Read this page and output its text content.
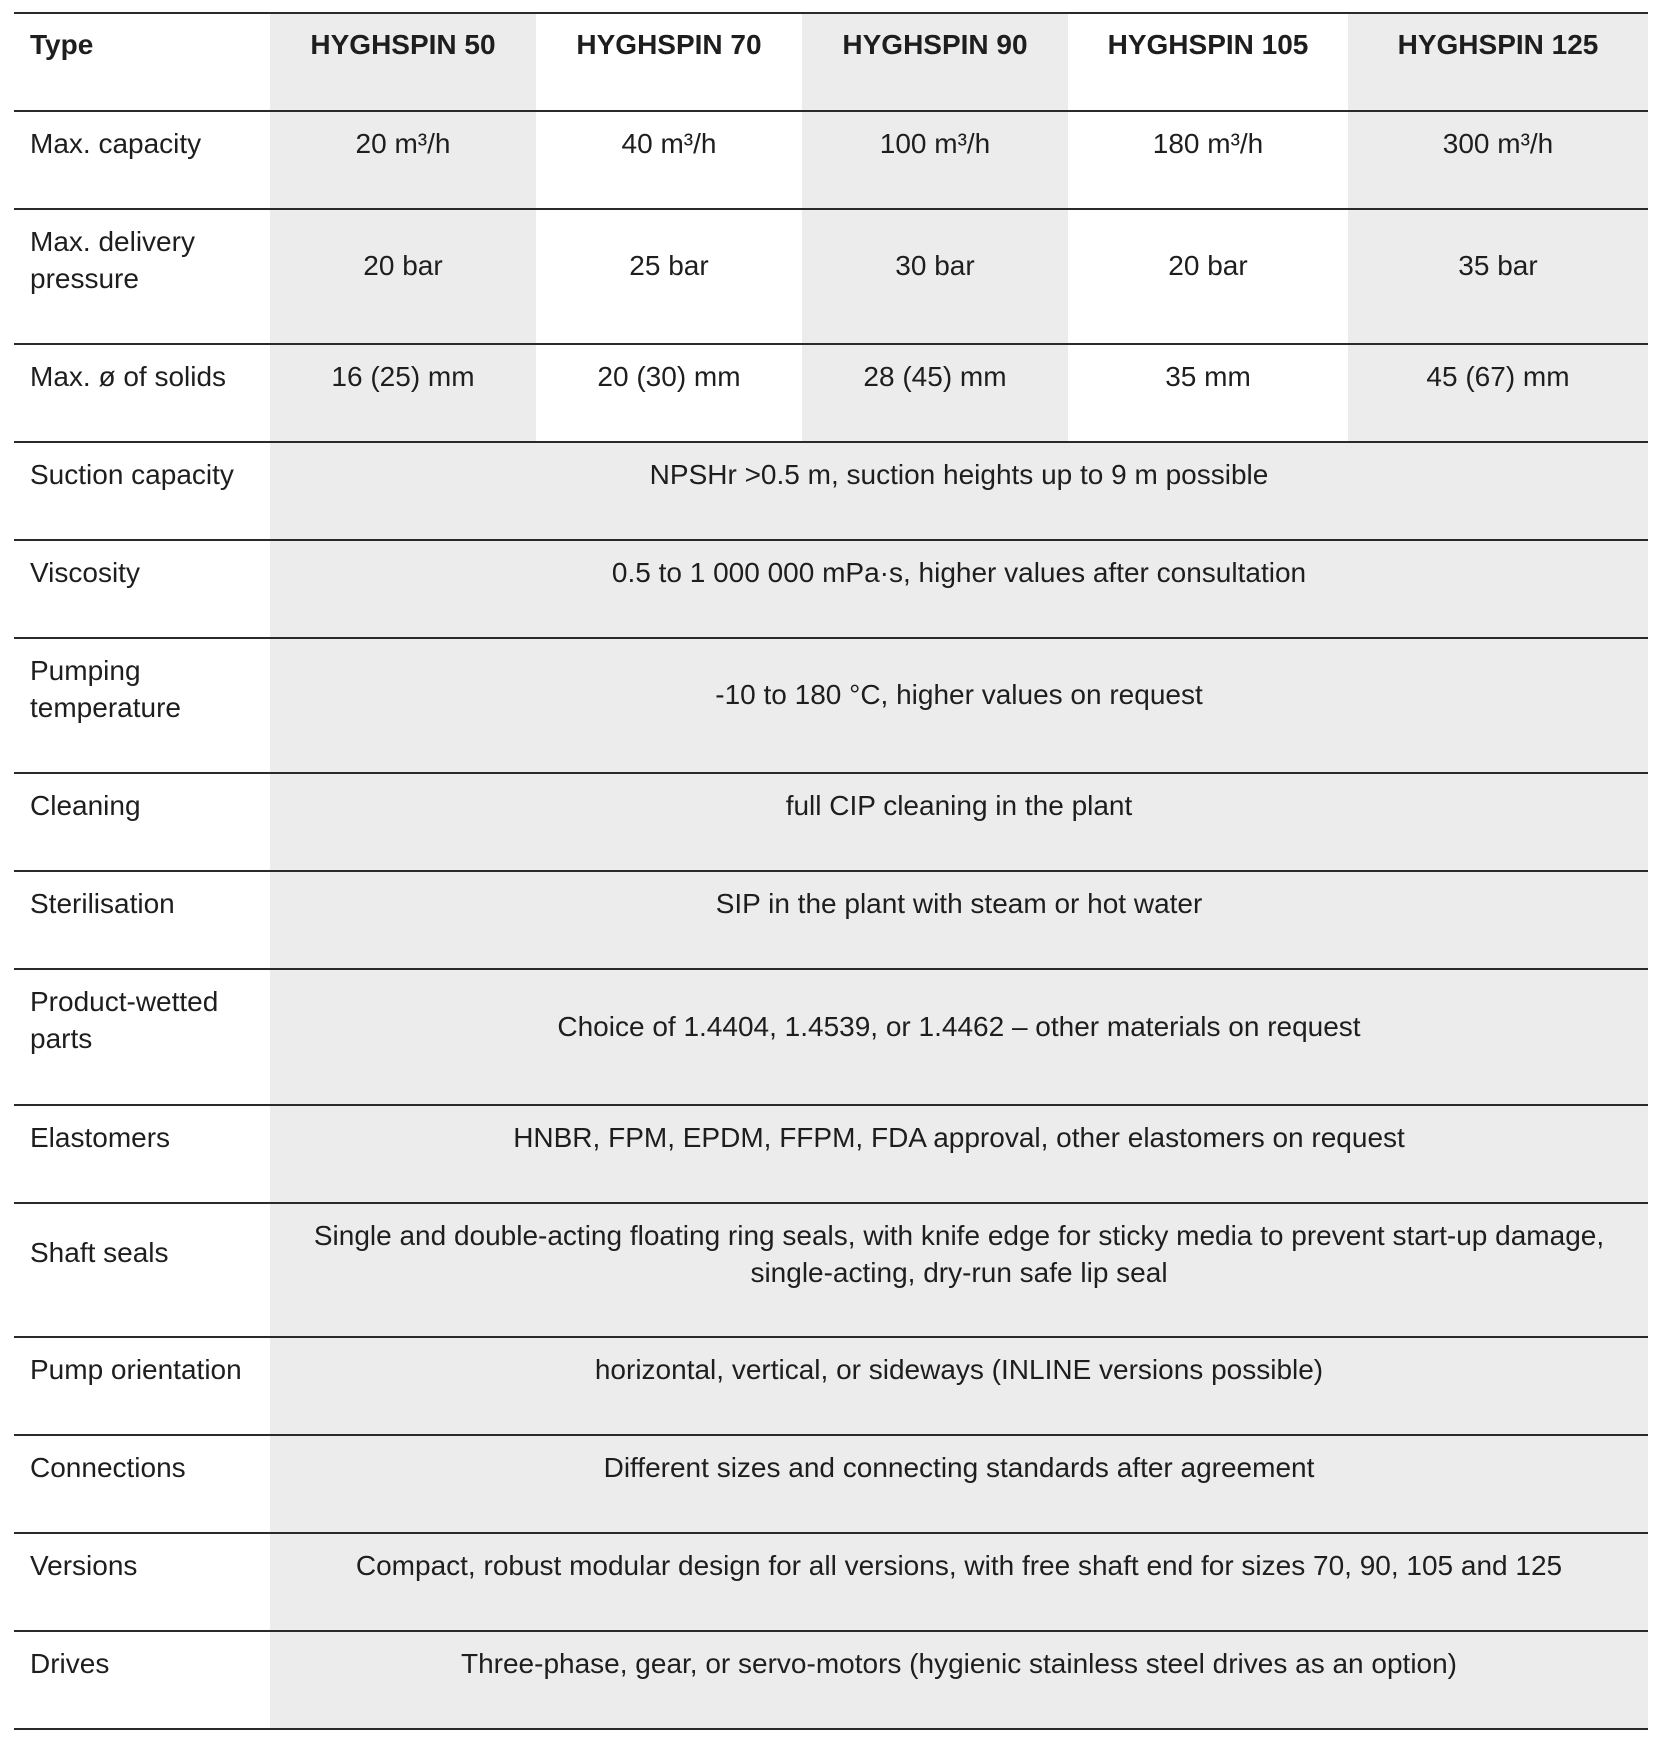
Type	HYGHSPIN 50	HYGHSPIN 70	HYGHSPIN 90	HYGHSPIN 105	HYGHSPIN 125
Max. capacity	20 m³/h	40 m³/h	100 m³/h	180 m³/h	300 m³/h

Max. delivery
pressure	20 bar	25 bar	30 bar	20 bar	35 bar
Max. ø of solids	16 (25) mm	20 (30) mm	28 (45) mm	35 mm	45 (67) mm
Suction capacity	NPSHr >0.5 m, suction heights up to 9 m possible				
Viscosity	0.5 to 1 000 000 mPa·s, higher values after consultation				

Pumping
temperature	-10 to 180 °C, higher values on request				
Cleaning	full CIP cleaning in the plant				
Sterilisation	SIP in the plant with steam or hot water				

Product-wetted
parts	Choice of 1.4404, 1.4539, or 1.4462 – other materials on request				
Elastomers	HNBR, FPM, EPDM, FFPM, FDA approval, other elastomers on request				
Shaft seals	Single and double-acting floating ring seals, with knife edge for sticky media to prevent start-up damage,
single-acting, dry-run safe lip seal				

Pump orientation	horizontal, vertical, or sideways (INLINE versions possible)				
Connections	Different sizes and connecting standards after agreement				
Versions	Compact, robust modular design for all versions, with free shaft end for sizes 70, 90, 105 and 125				
Drives	Three-phase, gear, or servo-motors (hygienic stainless steel drives as an option)				
